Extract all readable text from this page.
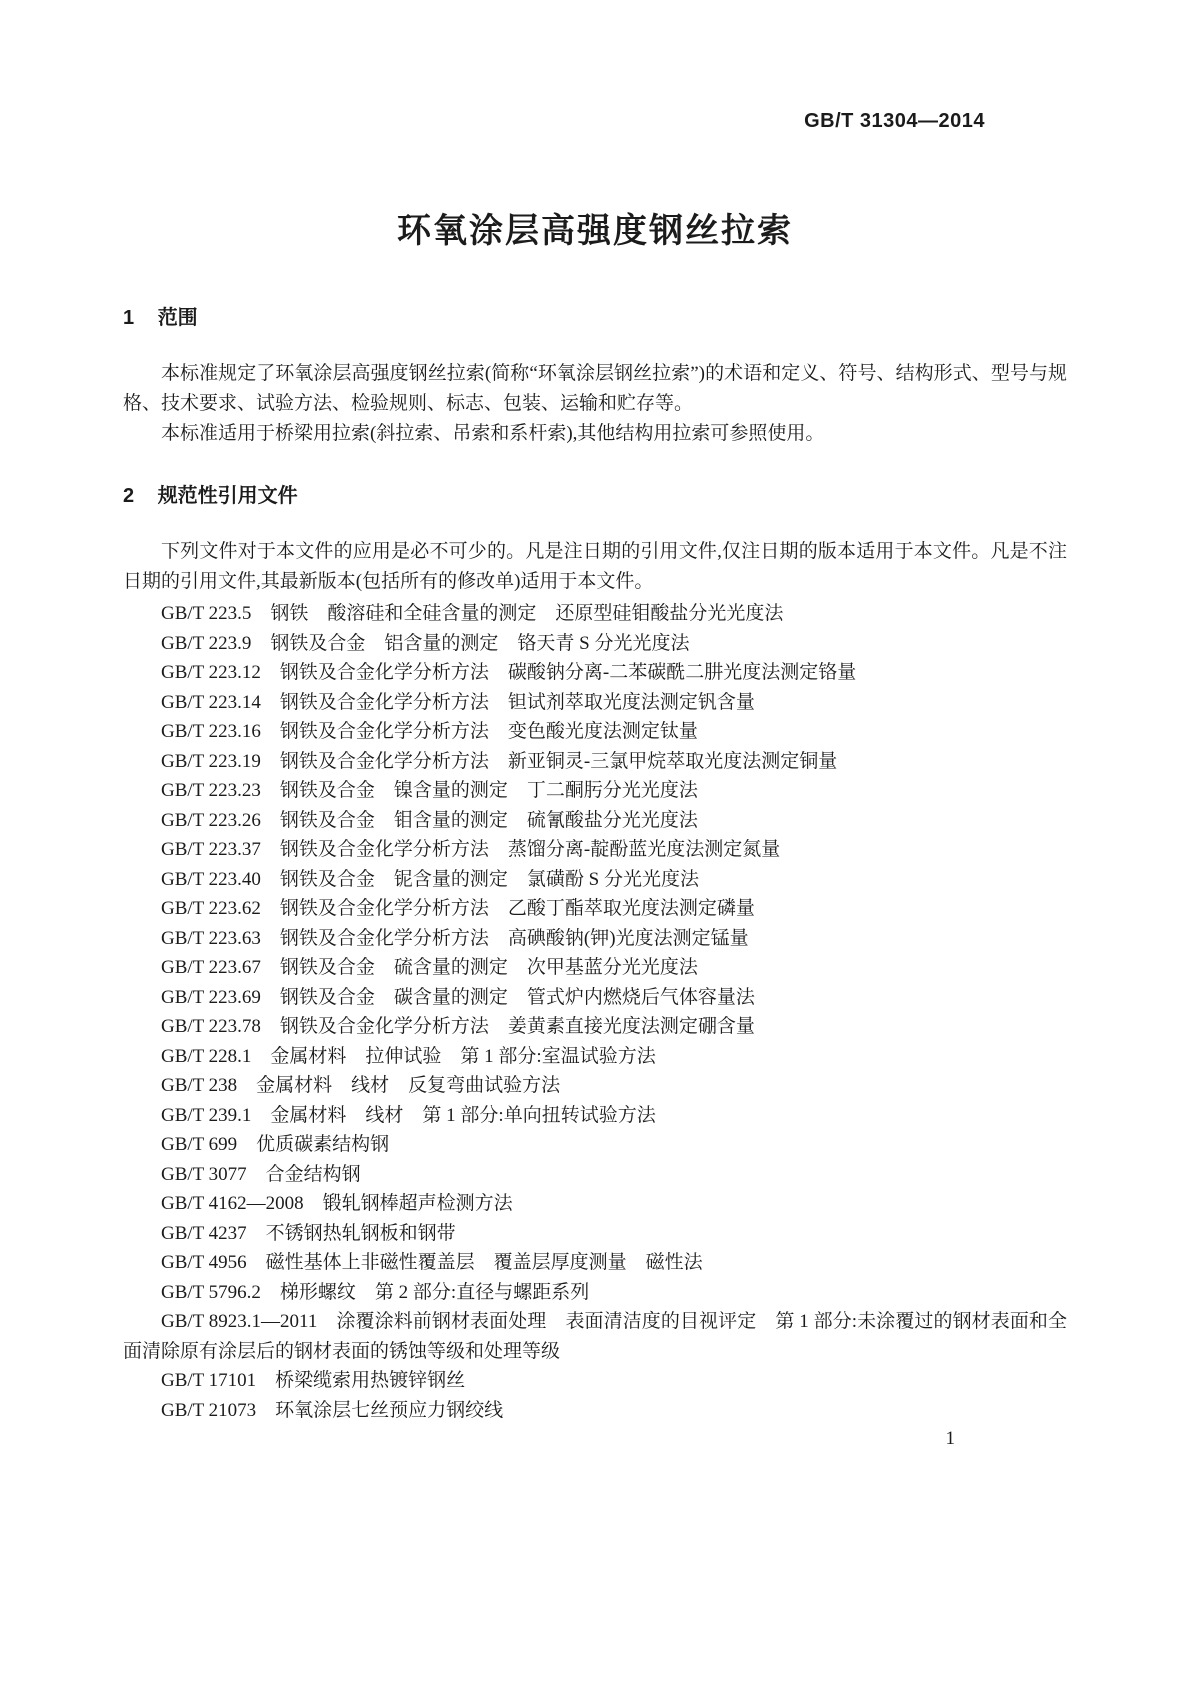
GB/T 31304—2014
环氧涂层高强度钢丝拉索
1 范围

本标准规定了环氧涂层高强度钢丝拉索(简称“环氧涂层钢丝拉索”)的术语和定义、符号、结构形式、型号与规格、技术要求、试验方法、检验规则、标志、包装、运输和贮存等。

本标准适用于桥梁用拉索(斜拉索、吊索和系杆索),其他结构用拉索可参照使用。

2 规范性引用文件

下列文件对于本文件的应用是必不可少的。凡是注日期的引用文件,仅注日期的版本适用于本文件。凡是不注日期的引用文件,其最新版本(包括所有的修改单)适用于本文件。

GB/T 223.5　钢铁　酸溶硅和全硅含量的测定　还原型硅钼酸盐分光光度法

GB/T 223.9　钢铁及合金　铝含量的测定　铬天青 S 分光光度法

GB/T 223.12　钢铁及合金化学分析方法　碳酸钠分离-二苯碳酰二肼光度法测定铬量

GB/T 223.14　钢铁及合金化学分析方法　钽试剂萃取光度法测定钒含量

GB/T 223.16　钢铁及合金化学分析方法　变色酸光度法测定钛量

GB/T 223.19　钢铁及合金化学分析方法　新亚铜灵-三氯甲烷萃取光度法测定铜量

GB/T 223.23　钢铁及合金　镍含量的测定　丁二酮肟分光光度法

GB/T 223.26　钢铁及合金　钼含量的测定　硫氰酸盐分光光度法

GB/T 223.37　钢铁及合金化学分析方法　蒸馏分离-靛酚蓝光度法测定氮量

GB/T 223.40　钢铁及合金　铌含量的测定　氯磺酚 S 分光光度法

GB/T 223.62　钢铁及合金化学分析方法　乙酸丁酯萃取光度法测定磷量

GB/T 223.63　钢铁及合金化学分析方法　高碘酸钠(钾)光度法测定锰量

GB/T 223.67　钢铁及合金　硫含量的测定　次甲基蓝分光光度法

GB/T 223.69　钢铁及合金　碳含量的测定　管式炉内燃烧后气体容量法

GB/T 223.78　钢铁及合金化学分析方法　姜黄素直接光度法测定硼含量

GB/T 228.1　金属材料　拉伸试验　第 1 部分:室温试验方法

GB/T 238　金属材料　线材　反复弯曲试验方法

GB/T 239.1　金属材料　线材　第 1 部分:单向扭转试验方法

GB/T 699　优质碳素结构钢

GB/T 3077　合金结构钢

GB/T 4162—2008　锻轧钢棒超声检测方法

GB/T 4237　不锈钢热轧钢板和钢带

GB/T 4956　磁性基体上非磁性覆盖层　覆盖层厚度测量　磁性法

GB/T 5796.2　梯形螺纹　第 2 部分:直径与螺距系列

GB/T 8923.1—2011　涂覆涂料前钢材表面处理　表面清洁度的目视评定　第 1 部分:未涂覆过的钢材表面和全面清除原有涂层后的钢材表面的锈蚀等级和处理等级

GB/T 17101　桥梁缆索用热镀锌钢丝

GB/T 21073　环氧涂层七丝预应力钢绞线

1
